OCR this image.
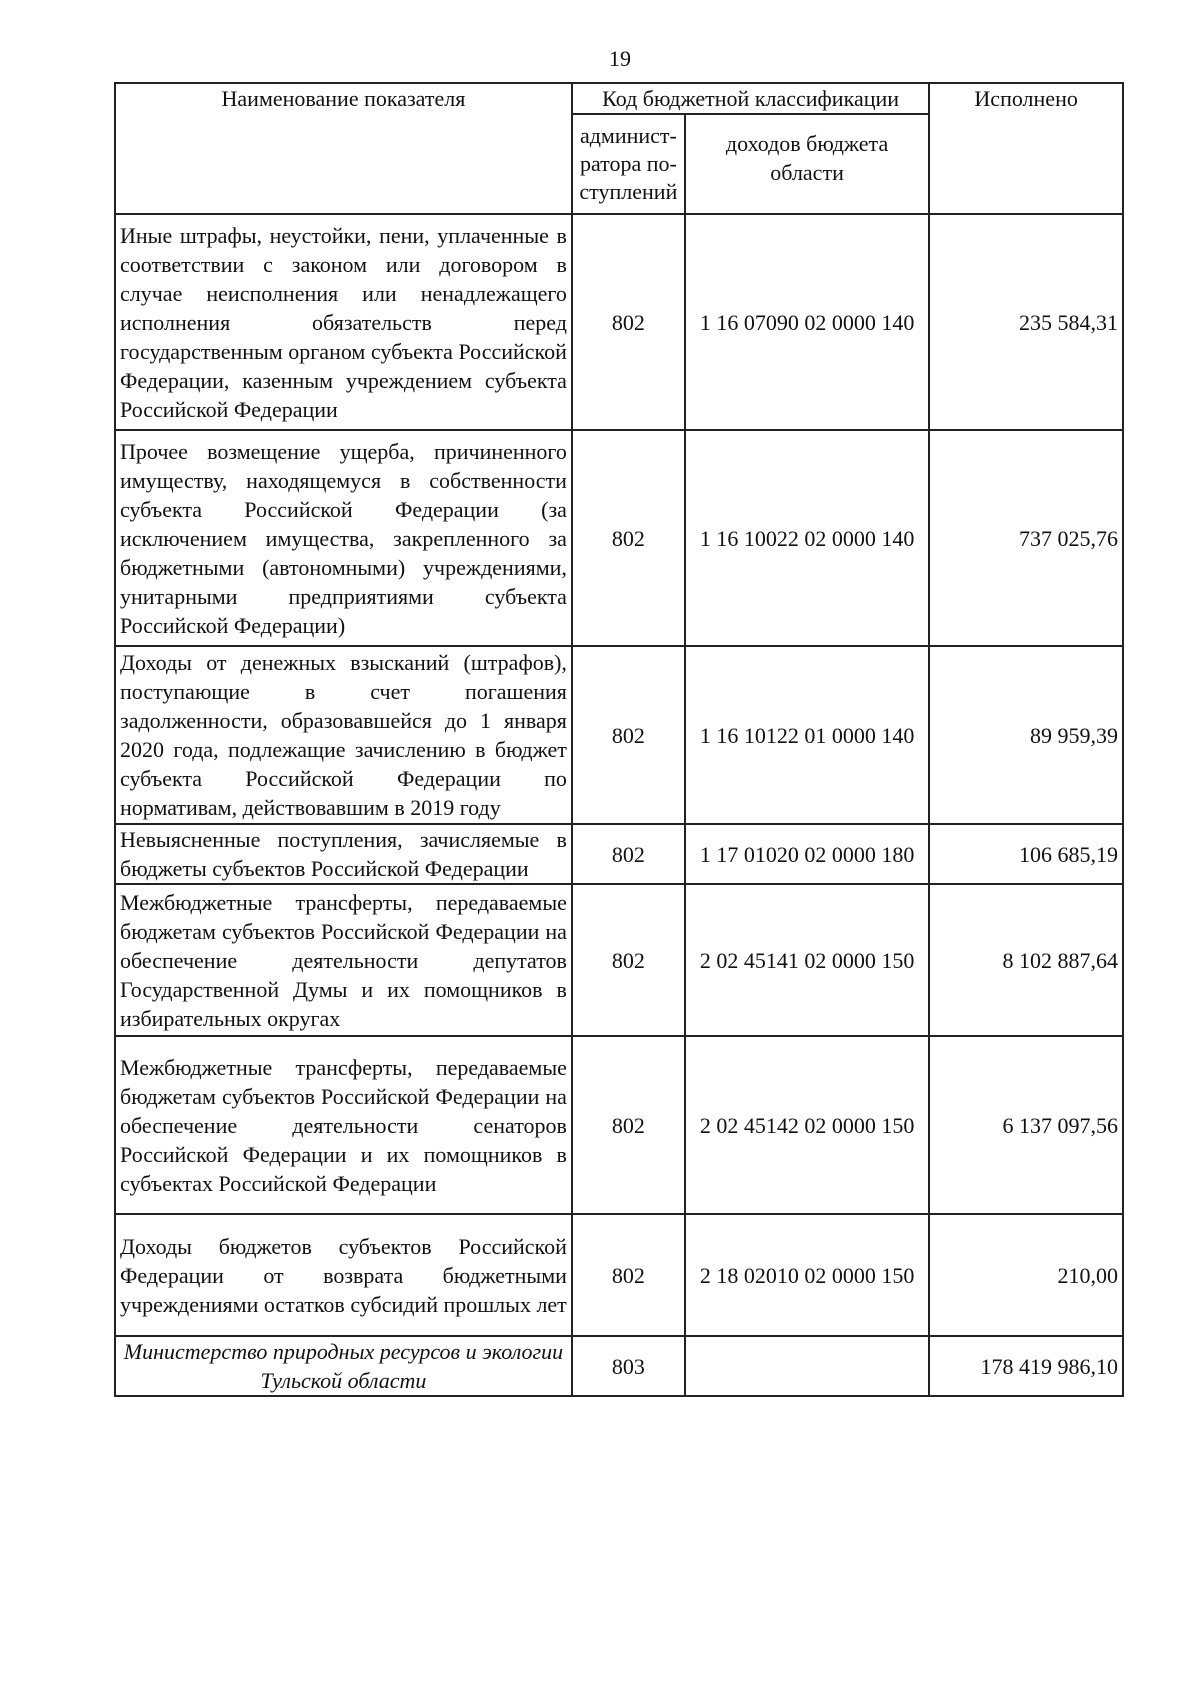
19
Наименование показателя	Код бюджетной классификации		Исполнено
	админист-ратора по-ступлений	доходов бюджета области	
Иные штрафы, неустойки, пени, уплаченные в соответствии с законом или договором в случае неисполнения или ненадлежащего исполнения обязательств перед государственным органом субъекта Российской Федерации, казенным учреждением субъекта Российской Федерации	802	1 16 07090 02 0000 140	235 584,31
Прочее возмещение ущерба, причиненного имуществу, находящемуся в собственности субъекта Российской Федерации (за исключением имущества, закрепленного за бюджетными (автономными) учреждениями, унитарными предприятиями субъекта Российской Федерации)	802	1 16 10022 02 0000 140	737 025,76
Доходы от денежных взысканий (штрафов), поступающие в счет погашения задолженности, образовавшейся до 1 января 2020 года, подлежащие зачислению в бюджет субъекта Российской Федерации по нормативам, действовавшим в 2019 году	802	1 16 10122 01 0000 140	89 959,39
Невыясненные поступления, зачисляемые в бюджеты субъектов Российской Федерации	802	1 17 01020 02 0000 180	106 685,19
Межбюджетные трансферты, передаваемые бюджетам субъектов Российской Федерации на обеспечение деятельности депутатов Государственной Думы и их помощников в избирательных округах	802	2 02 45141 02 0000 150	8 102 887,64
Межбюджетные трансферты, передаваемые бюджетам субъектов Российской Федерации на обеспечение деятельности сенаторов Российской Федерации и их помощников в субъектах Российской Федерации	802	2 02 45142 02 0000 150	6 137 097,56
Доходы бюджетов субъектов Российской Федерации от возврата бюджетными учреждениями остатков субсидий прошлых лет	802	2 18 02010 02 0000 150	210,00
Министерство природных ресурсов и экологии Тульской области	803		178 419 986,10
